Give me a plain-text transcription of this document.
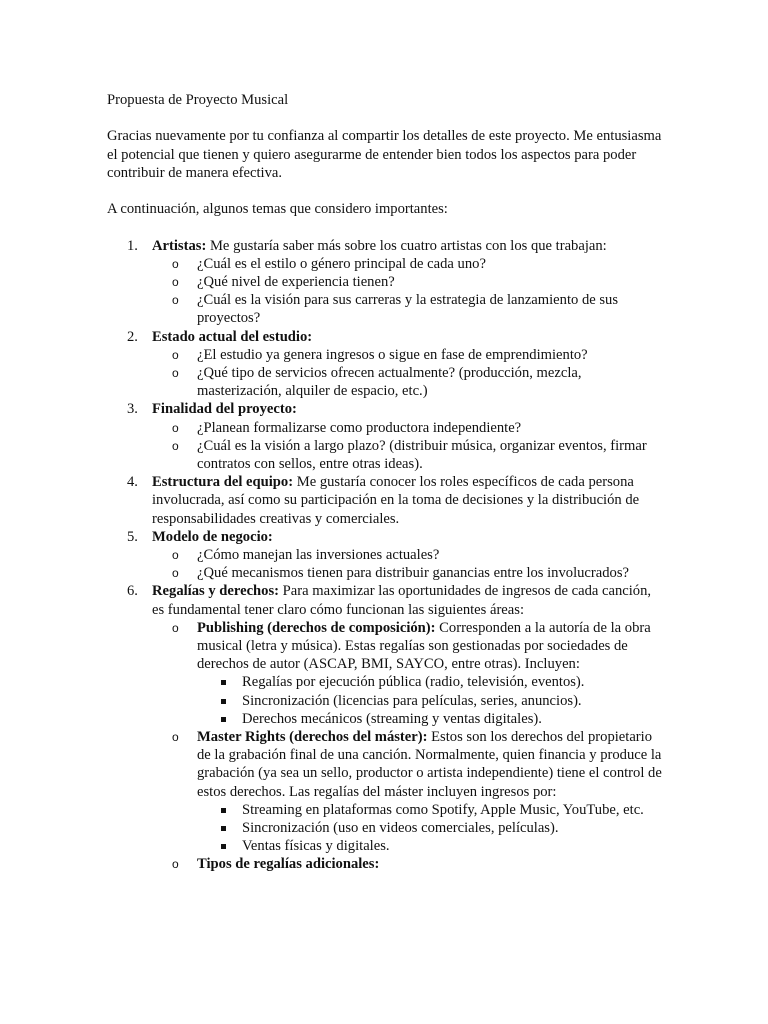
Propuesta de Proyecto Musical

Gracias nuevamente por tu confianza al compartir los detalles de este proyecto. Me entusiasma el potencial que tienen y quiero asegurarme de entender bien todos los aspectos para poder contribuir de manera efectiva.

A continuación, algunos temas que considero importantes:

1. Artistas: Me gustaría saber más sobre los cuatro artistas con los que trabajan:
o ¿Cuál es el estilo o género principal de cada uno?
o ¿Qué nivel de experiencia tienen?
o ¿Cuál es la visión para sus carreras y la estrategia de lanzamiento de sus proyectos?
2. Estado actual del estudio:
o ¿El estudio ya genera ingresos o sigue en fase de emprendimiento?
o ¿Qué tipo de servicios ofrecen actualmente? (producción, mezcla, masterización, alquiler de espacio, etc.)
3. Finalidad del proyecto:
o ¿Planean formalizarse como productora independiente?
o ¿Cuál es la visión a largo plazo? (distribuir música, organizar eventos, firmar contratos con sellos, entre otras ideas).
4. Estructura del equipo: Me gustaría conocer los roles específicos de cada persona involucrada, así como su participación en la toma de decisiones y la distribución de responsabilidades creativas y comerciales.
5. Modelo de negocio:
o ¿Cómo manejan las inversiones actuales?
o ¿Qué mecanismos tienen para distribuir ganancias entre los involucrados?
6. Regalías y derechos: Para maximizar las oportunidades de ingresos de cada canción, es fundamental tener claro cómo funcionan las siguientes áreas:
o Publishing (derechos de composición): Corresponden a la autoría de la obra musical (letra y música). Estas regalías son gestionadas por sociedades de derechos de autor (ASCAP, BMI, SAYCO, entre otras). Incluyen:
Regalías por ejecución pública (radio, televisión, eventos).
Sincronización (licencias para películas, series, anuncios).
Derechos mecánicos (streaming y ventas digitales).
o Master Rights (derechos del máster): Estos son los derechos del propietario de la grabación final de una canción. Normalmente, quien financia y produce la grabación (ya sea un sello, productor o artista independiente) tiene el control de estos derechos. Las regalías del máster incluyen ingresos por:
Streaming en plataformas como Spotify, Apple Music, YouTube, etc.
Sincronización (uso en videos comerciales, películas).
Ventas físicas y digitales.
o Tipos de regalías adicionales:
